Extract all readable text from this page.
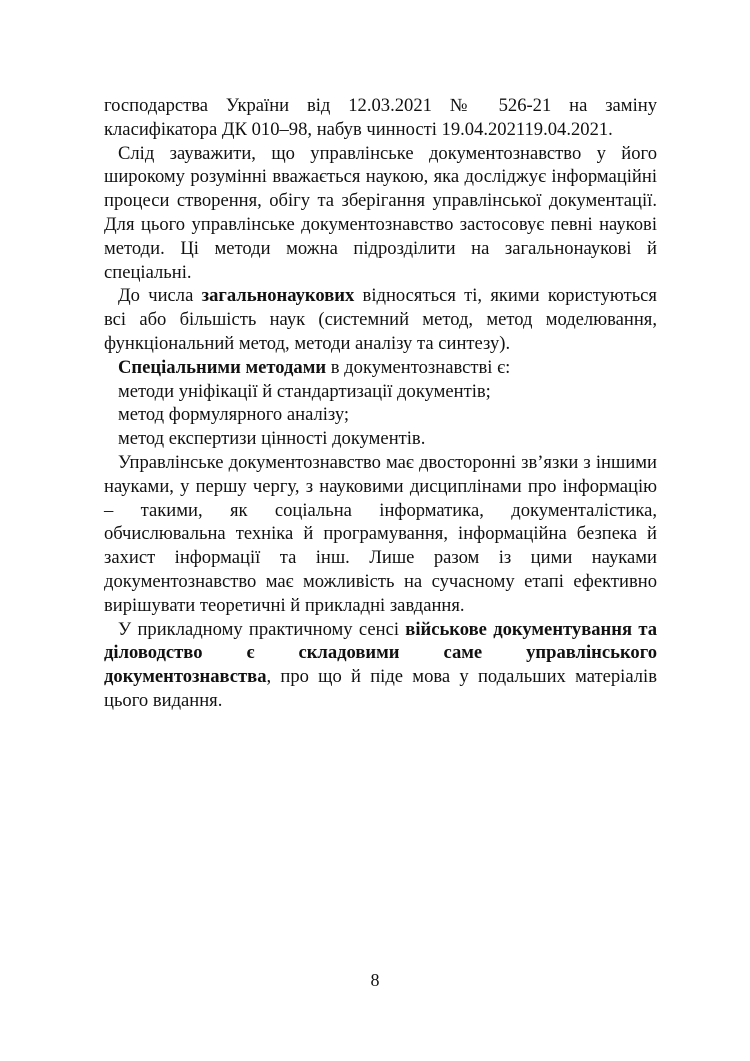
господарства України від 12.03.2021 № 526-21 на заміну класифікатора ДК 010–98, набув чинності 19.04.202119.04.2021.

Слід зауважити, що управлінське документознавство у його широкому розумінні вважається наукою, яка досліджує інформаційні процеси створення, обігу та зберігання управлінської документації. Для цього управлінське документознавство застосовує певні наукові методи. Ці методи можна підрозділити на загальнонаукові й спеціальні.

До числа загальнонаукових відносяться ті, якими користуються всі або більшість наук (системний метод, метод моделювання, функціональний метод, методи аналізу та синтезу).

Спеціальними методами в документознавстві є:

методи уніфікації й стандартизації документів;

метод формулярного аналізу;

метод експертизи цінності документів.

Управлінське документознавство має двосторонні зв’язки з іншими науками, у першу чергу, з науковими дисциплінами про інформацію – такими, як соціальна інформатика, документалістика, обчислювальна техніка й програмування, інформаційна безпека й захист інформації та інш. Лише разом із цими науками документознавство має можливість на сучасному етапі ефективно вирішувати теоретичні й прикладні завдання.

У прикладному практичному сенсі військове документування та діловодство є складовими саме управлінського документознавства, про що й піде мова у подальших матеріалів цього видання.

8
